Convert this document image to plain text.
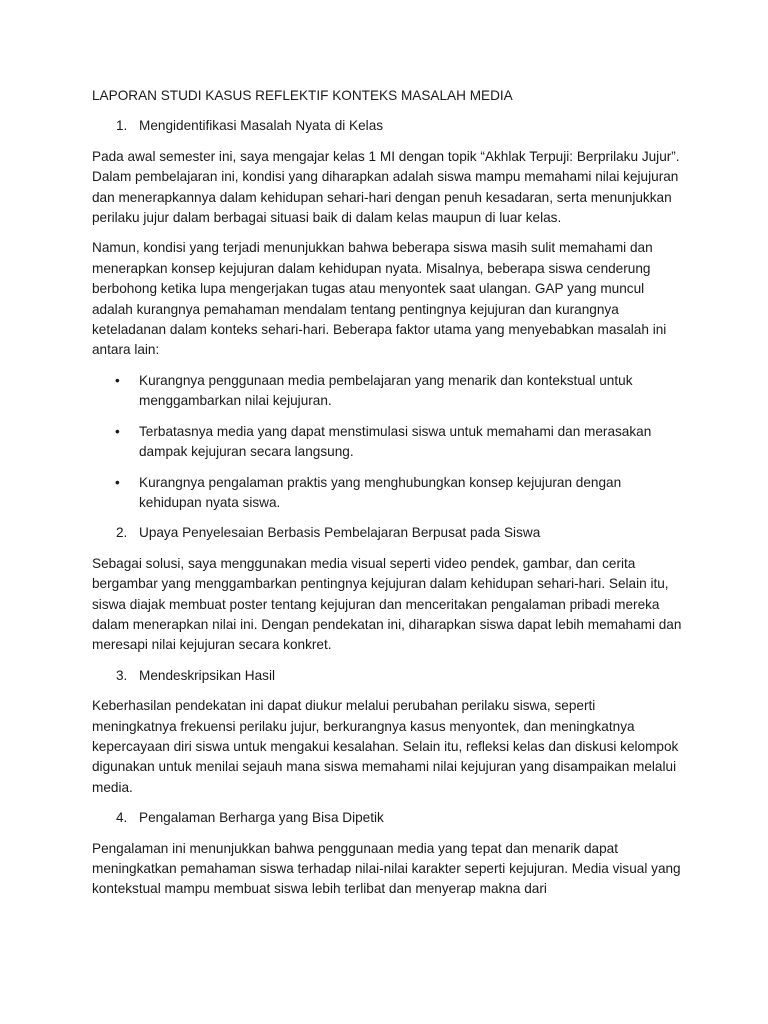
LAPORAN STUDI KASUS REFLEKTIF KONTEKS MASALAH MEDIA
1. Mengidentifikasi Masalah Nyata di Kelas

Pada awal semester ini, saya mengajar kelas 1 MI dengan topik “Akhlak Terpuji: Berprilaku Jujur”. Dalam pembelajaran ini, kondisi yang diharapkan adalah siswa mampu memahami nilai kejujuran dan menerapkannya dalam kehidupan sehari-hari dengan penuh kesadaran, serta menunjukkan perilaku jujur dalam berbagai situasi baik di dalam kelas maupun di luar kelas.

Namun, kondisi yang terjadi menunjukkan bahwa beberapa siswa masih sulit memahami dan menerapkan konsep kejujuran dalam kehidupan nyata. Misalnya, beberapa siswa cenderung berbohong ketika lupa mengerjakan tugas atau menyontek saat ulangan. GAP yang muncul adalah kurangnya pemahaman mendalam tentang pentingnya kejujuran dan kurangnya keteladanan dalam konteks sehari-hari. Beberapa faktor utama yang menyebabkan masalah ini antara lain:

• Kurangnya penggunaan media pembelajaran yang menarik dan kontekstual untuk menggambarkan nilai kejujuran.
• Terbatasnya media yang dapat menstimulasi siswa untuk memahami dan merasakan dampak kejujuran secara langsung.
• Kurangnya pengalaman praktis yang menghubungkan konsep kejujuran dengan kehidupan nyata siswa.
2. Upaya Penyelesaian Berbasis Pembelajaran Berpusat pada Siswa

Sebagai solusi, saya menggunakan media visual seperti video pendek, gambar, dan cerita bergambar yang menggambarkan pentingnya kejujuran dalam kehidupan sehari-hari. Selain itu, siswa diajak membuat poster tentang kejujuran dan menceritakan pengalaman pribadi mereka dalam menerapkan nilai ini. Dengan pendekatan ini, diharapkan siswa dapat lebih memahami dan meresapi nilai kejujuran secara konkret.

3. Mendeskripsikan Hasil

Keberhasilan pendekatan ini dapat diukur melalui perubahan perilaku siswa, seperti meningkatnya frekuensi perilaku jujur, berkurangnya kasus menyontek, dan meningkatnya kepercayaan diri siswa untuk mengakui kesalahan. Selain itu, refleksi kelas dan diskusi kelompok digunakan untuk menilai sejauh mana siswa memahami nilai kejujuran yang disampaikan melalui media.

4. Pengalaman Berharga yang Bisa Dipetik

Pengalaman ini menunjukkan bahwa penggunaan media yang tepat dan menarik dapat meningkatkan pemahaman siswa terhadap nilai-nilai karakter seperti kejujuran. Media visual yang kontekstual mampu membuat siswa lebih terlibat dan menyerap makna dari
